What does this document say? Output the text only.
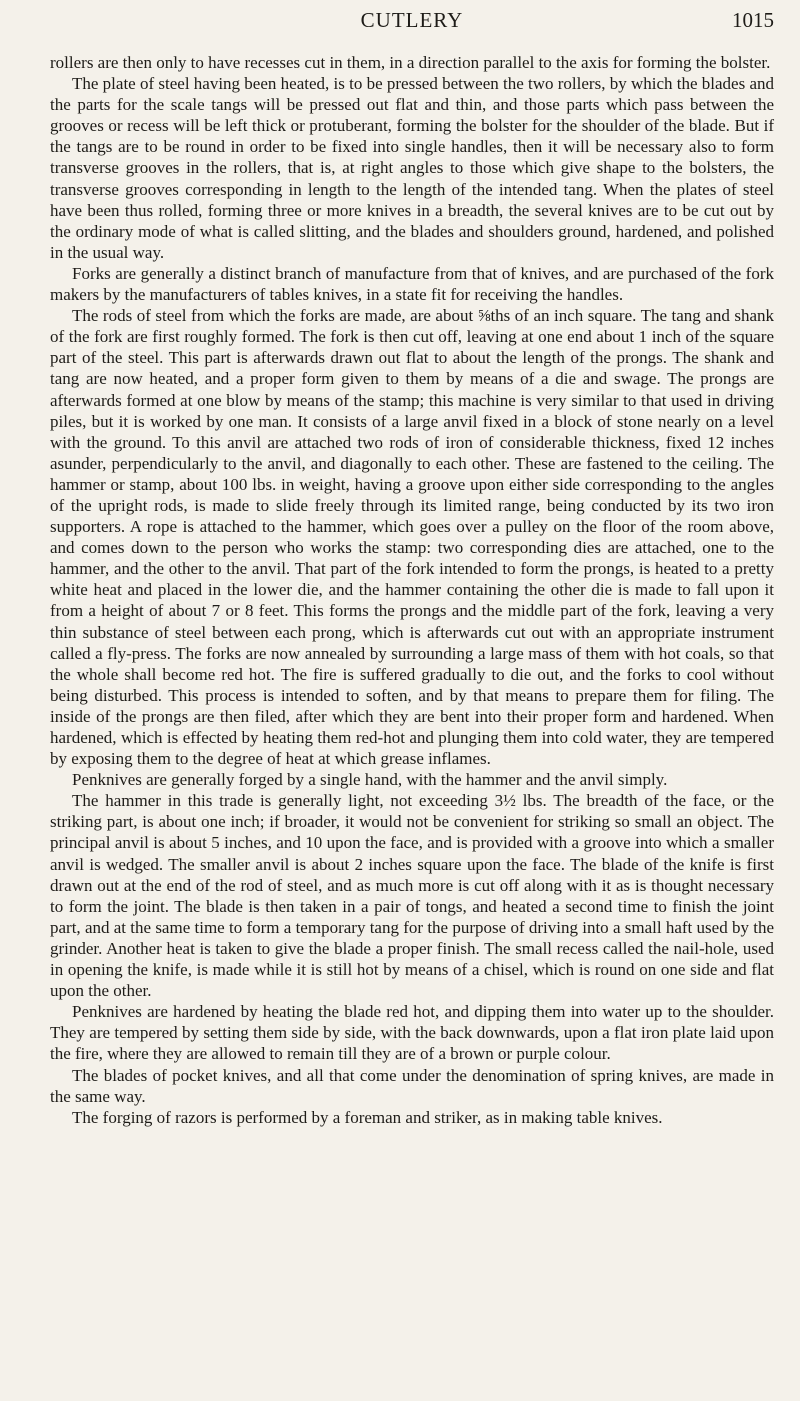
CUTLERY	1015

rollers are then only to have recesses cut in them, in a direction parallel to the axis for forming the bolster.

The plate of steel having been heated, is to be pressed between the two rollers, by which the blades and the parts for the scale tangs will be pressed out flat and thin, and those parts which pass between the grooves or recess will be left thick or protuberant, forming the bolster for the shoulder of the blade. But if the tangs are to be round in order to be fixed into single handles, then it will be necessary also to form transverse grooves in the rollers, that is, at right angles to those which give shape to the bolsters, the transverse grooves corresponding in length to the length of the intended tang. When the plates of steel have been thus rolled, forming three or more knives in a breadth, the several knives are to be cut out by the ordinary mode of what is called slitting, and the blades and shoulders ground, hardened, and polished in the usual way.

Forks are generally a distinct branch of manufacture from that of knives, and are purchased of the fork makers by the manufacturers of tables knives, in a state fit for receiving the handles.

The rods of steel from which the forks are made, are about ⅝ths of an inch square. The tang and shank of the fork are first roughly formed. The fork is then cut off, leaving at one end about 1 inch of the square part of the steel. This part is afterwards drawn out flat to about the length of the prongs. The shank and tang are now heated, and a proper form given to them by means of a die and swage. The prongs are afterwards formed at one blow by means of the stamp; this machine is very similar to that used in driving piles, but it is worked by one man. It consists of a large anvil fixed in a block of stone nearly on a level with the ground. To this anvil are attached two rods of iron of considerable thickness, fixed 12 inches asunder, perpendicularly to the anvil, and diagonally to each other. These are fastened to the ceiling. The hammer or stamp, about 100 lbs. in weight, having a groove upon either side corresponding to the angles of the upright rods, is made to slide freely through its limited range, being conducted by its two iron supporters. A rope is attached to the hammer, which goes over a pulley on the floor of the room above, and comes down to the person who works the stamp: two corresponding dies are attached, one to the hammer, and the other to the anvil. That part of the fork intended to form the prongs, is heated to a pretty white heat and placed in the lower die, and the hammer containing the other die is made to fall upon it from a height of about 7 or 8 feet. This forms the prongs and the middle part of the fork, leaving a very thin substance of steel between each prong, which is afterwards cut out with an appropriate instrument called a fly-press. The forks are now annealed by surrounding a large mass of them with hot coals, so that the whole shall become red hot. The fire is suffered gradually to die out, and the forks to cool without being disturbed. This process is intended to soften, and by that means to prepare them for filing. The inside of the prongs are then filed, after which they are bent into their proper form and hardened. When hardened, which is effected by heating them red-hot and plunging them into cold water, they are tempered by exposing them to the degree of heat at which grease inflames.

Penknives are generally forged by a single hand, with the hammer and the anvil simply.

The hammer in this trade is generally light, not exceeding 3½ lbs. The breadth of the face, or the striking part, is about one inch; if broader, it would not be convenient for striking so small an object. The principal anvil is about 5 inches, and 10 upon the face, and is provided with a groove into which a smaller anvil is wedged. The smaller anvil is about 2 inches square upon the face. The blade of the knife is first drawn out at the end of the rod of steel, and as much more is cut off along with it as is thought necessary to form the joint. The blade is then taken in a pair of tongs, and heated a second time to finish the joint part, and at the same time to form a temporary tang for the purpose of driving into a small haft used by the grinder. Another heat is taken to give the blade a proper finish. The small recess called the nail-hole, used in opening the knife, is made while it is still hot by means of a chisel, which is round on one side and flat upon the other.

Penknives are hardened by heating the blade red hot, and dipping them into water up to the shoulder. They are tempered by setting them side by side, with the back downwards, upon a flat iron plate laid upon the fire, where they are allowed to remain till they are of a brown or purple colour.

The blades of pocket knives, and all that come under the denomination of spring knives, are made in the same way.

The forging of razors is performed by a foreman and striker, as in making table knives.
